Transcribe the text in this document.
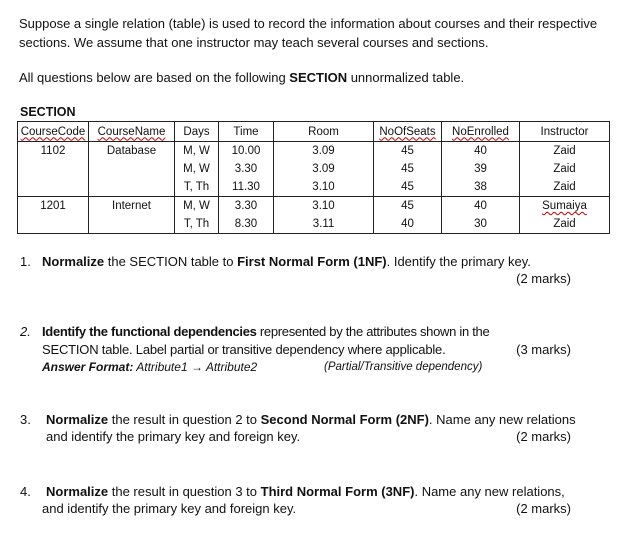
Suppose a single relation (table) is used to record the information about courses and their respective

sections. We assume that one instructor may teach several courses and sections.

All questions below are based on the following SECTION unnormalized table.

SECTION

CourseCode	CourseName	Days	Time	Room	NoOfSeats	NoEnrolled	Instructor
1102	Database	M, W	10.00	3.09	45	40	Zaid
		M, W	3.30	3.09	45	39	Zaid
		T, Th	11.30	3.10	45	38	Zaid
1201	Internet	M, W	3.30	3.10	45	40	Sumaiya
		T, Th	8.30	3.11	40	30	Zaid

1. Normalize the SECTION table to First Normal Form (1NF). Identify the primary key.

(2 marks)

2. Identify the functional dependencies represented by the attributes shown in the

SECTION table. Label partial or transitive dependency where applicable.	(3 marks)

Answer Format: Attribute1 → Attribute2	(Partial/Transitive dependency)

3. Normalize the result in question 2 to Second Normal Form (2NF). Name any new relations

and identify the primary key and foreign key.	(2 marks)

4. Normalize the result in question 3 to Third Normal Form (3NF). Name any new relations,

and identify the primary key and foreign key.	(2 marks)
